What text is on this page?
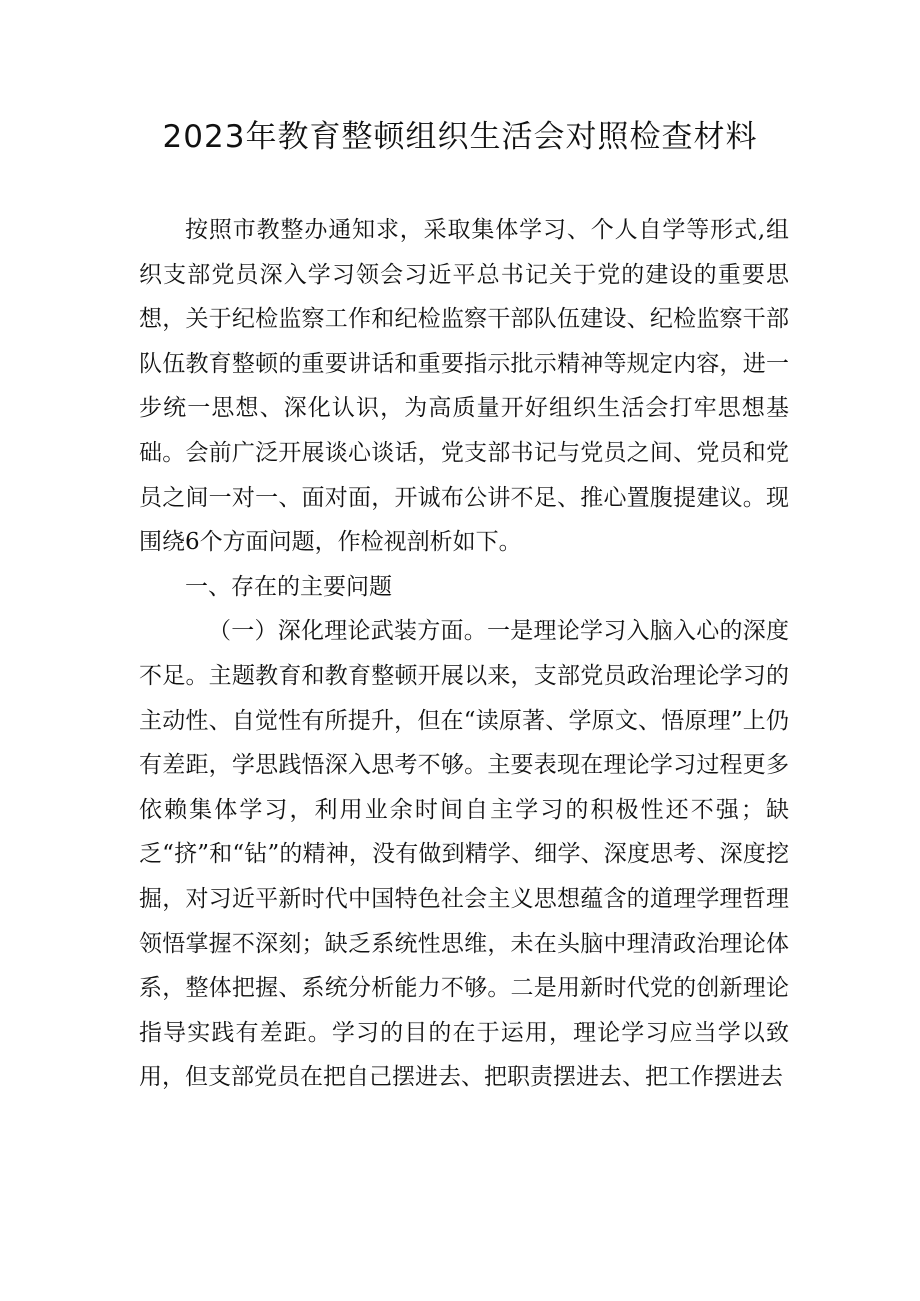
2023年教育整顿组织生活会对照检查材料

按照市教整办通知求，采取集体学习、个人自学等形式,组织支部党员深入学习领会习近平总书记关于党的建设的重要思想，关于纪检监察工作和纪检监察干部队伍建设、纪检监察干部队伍教育整顿的重要讲话和重要指示批示精神等规定内容，进一步统一思想、深化认识，为高质量开好组织生活会打牢思想基础。会前广泛开展谈心谈话，党支部书记与党员之间、党员和党员之间一对一、面对面，开诚布公讲不足、推心置腹提建议。现围绕6个方面问题，作检视剖析如下。

一、存在的主要问题

（一）深化理论武装方面。一是理论学习入脑入心的深度不足。主题教育和教育整顿开展以来，支部党员政治理论学习的主动性、自觉性有所提升，但在“读原著、学原文、悟原理”上仍有差距，学思践悟深入思考不够。主要表现在理论学习过程更多依赖集体学习，利用业余时间自主学习的积极性还不强；缺乏“挤”和“钻”的精神，没有做到精学、细学、深度思考、深度挖掘，对习近平新时代中国特色社会主义思想蕴含的道理学理哲理领悟掌握不深刻；缺乏系统性思维，未在头脑中理清政治理论体系，整体把握、系统分析能力不够。二是用新时代党的创新理论指导实践有差距。学习的目的在于运用，理论学习应当学以致用，但支部党员在把自己摆进去、把职责摆进去、把工作摆进去
